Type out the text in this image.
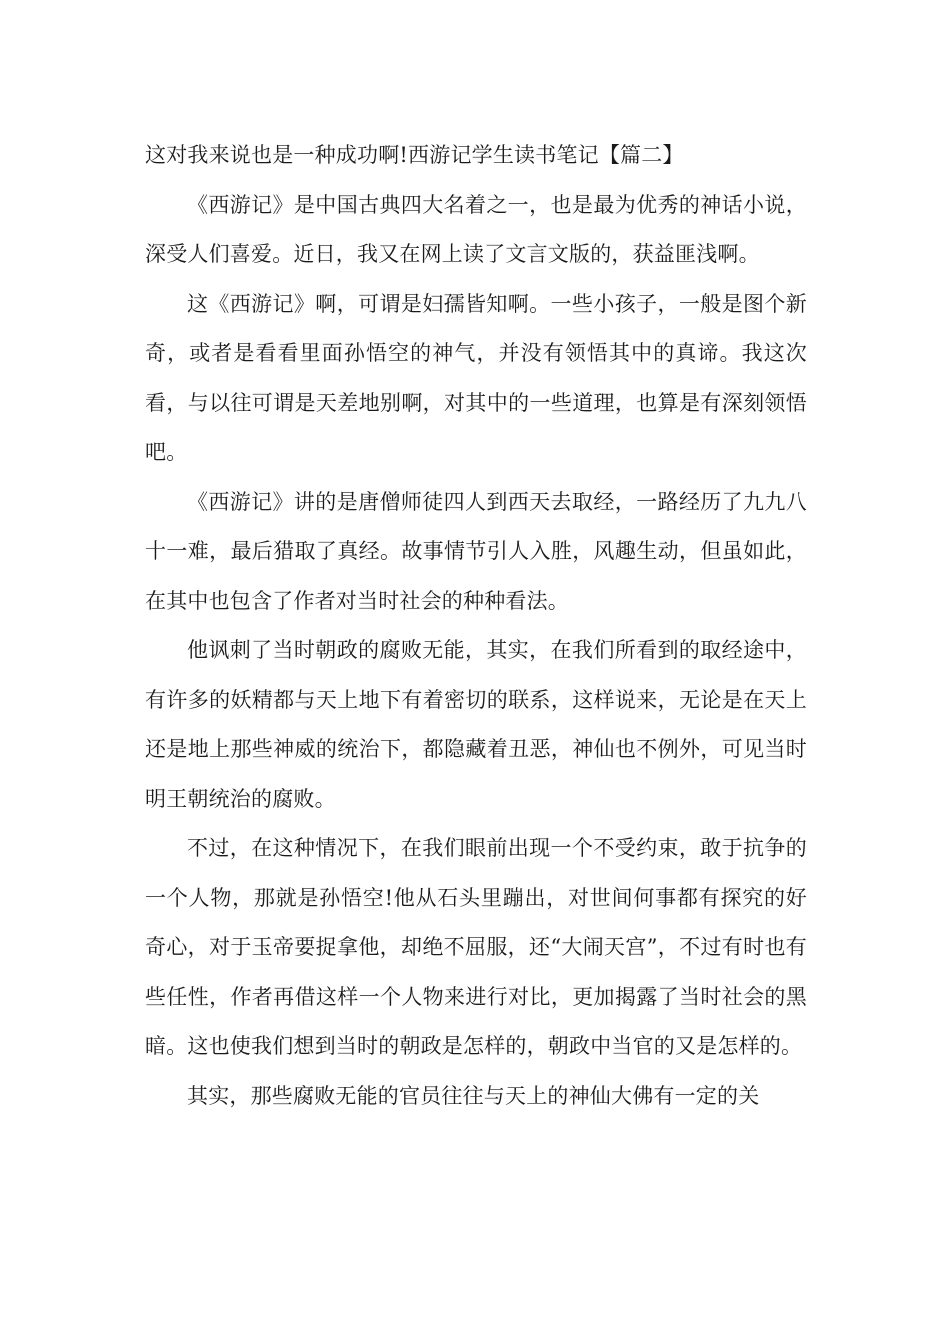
这对我来说也是一种成功啊!西游记学生读书笔记【篇二】

《西游记》是中国古典四大名着之一，也是最为优秀的神话小说，深受人们喜爱。近日，我又在网上读了文言文版的，获益匪浅啊。

这《西游记》啊，可谓是妇孺皆知啊。一些小孩子，一般是图个新奇，或者是看看里面孙悟空的神气，并没有领悟其中的真谛。我这次看，与以往可谓是天差地别啊，对其中的一些道理，也算是有深刻领悟吧。

《西游记》讲的是唐僧师徒四人到西天去取经，一路经历了九九八十一难，最后猎取了真经。故事情节引人入胜，风趣生动，但虽如此，在其中也包含了作者对当时社会的种种看法。

他讽刺了当时朝政的腐败无能，其实，在我们所看到的取经途中，有许多的妖精都与天上地下有着密切的联系，这样说来，无论是在天上还是地上那些神威的统治下，都隐藏着丑恶，神仙也不例外，可见当时明王朝统治的腐败。

不过，在这种情况下，在我们眼前出现一个不受约束，敢于抗争的一个人物，那就是孙悟空!他从石头里蹦出，对世间何事都有探究的好奇心，对于玉帝要捉拿他，却绝不屈服，还“大闹天宫”，不过有时也有些任性，作者再借这样一个人物来进行对比，更加揭露了当时社会的黑暗。这也使我们想到当时的朝政是怎样的，朝政中当官的又是怎样的。

其实，那些腐败无能的官员往往与天上的神仙大佛有一定的关
